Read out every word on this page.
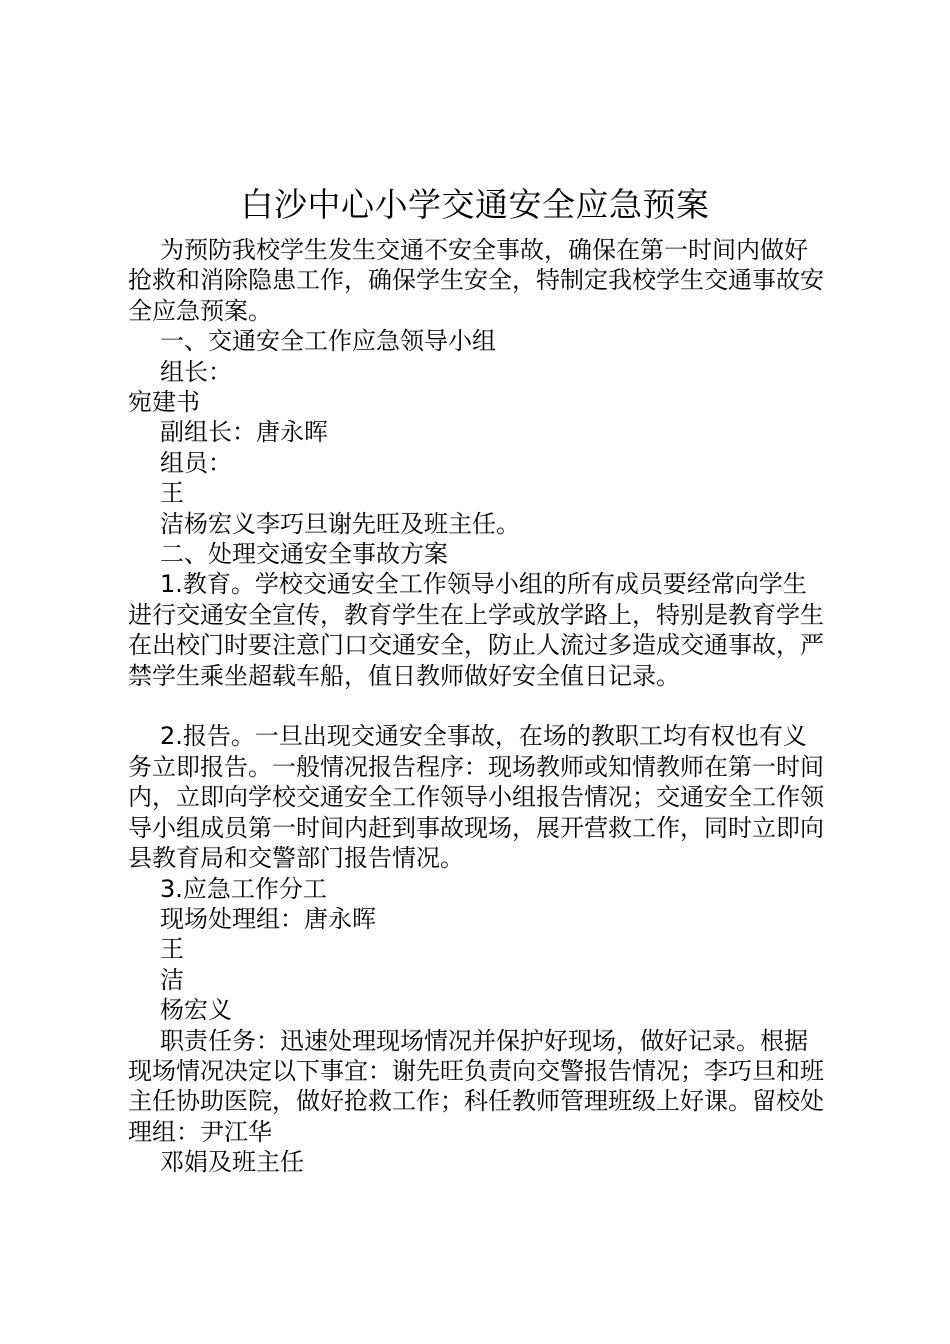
白沙中心小学交通安全应急预案

为预防我校学生发生交通不安全事故，确保在第一时间内做好抢救和消除隐患工作，确保学生安全，特制定我校学生交通事故安全应急预案。

一、交通安全工作应急领导小组

组长：

宛建书

副组长：唐永晖

组员：

王

洁杨宏义李巧旦谢先旺及班主任。

二、处理交通安全事故方案

1.教育。学校交通安全工作领导小组的所有成员要经常向学生进行交通安全宣传，教育学生在上学或放学路上，特别是教育学生在出校门时要注意门口交通安全，防止人流过多造成交通事故，严禁学生乘坐超载车船，值日教师做好安全值日记录。

2.报告。一旦出现交通安全事故，在场的教职工均有权也有义务立即报告。一般情况报告程序：现场教师或知情教师在第一时间内，立即向学校交通安全工作领导小组报告情况；交通安全工作领导小组成员第一时间内赶到事故现场，展开营救工作，同时立即向县教育局和交警部门报告情况。

3.应急工作分工

现场处理组：唐永晖

王

洁

杨宏义

职责任务：迅速处理现场情况并保护好现场，做好记录。根据现场情况决定以下事宜：谢先旺负责向交警报告情况；李巧旦和班主任协助医院，做好抢救工作；科任教师管理班级上好课。留校处理组：尹江华

邓娟及班主任
